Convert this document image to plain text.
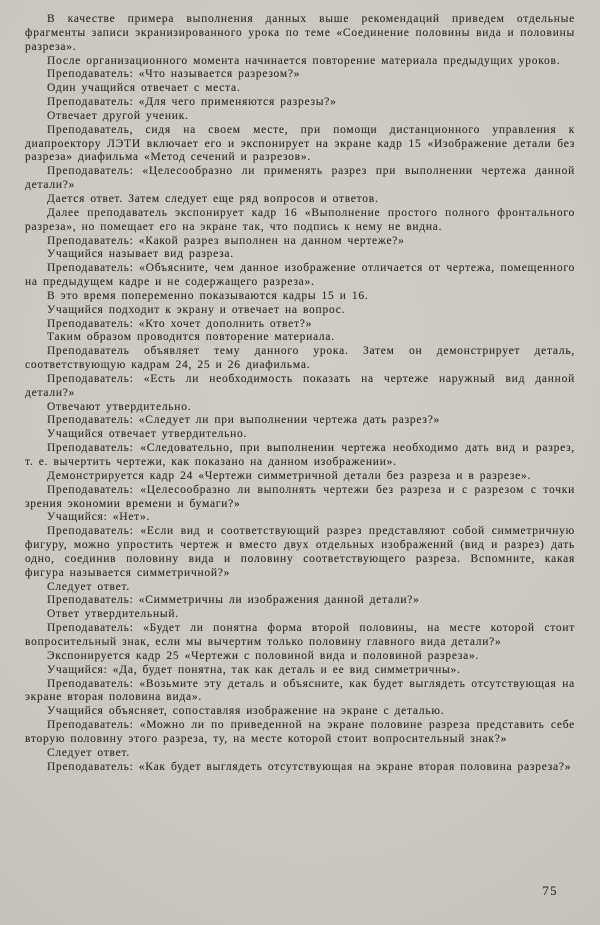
В качестве примера выполнения данных выше рекомендаций приведем отдельные фрагменты записи экранизированного урока по теме «Соединение половины вида и половины разреза».

После организационного момента начинается повторение материала предыдущих уроков.

Преподаватель: «Что называется разрезом?»

Один учащийся отвечает с места.

Преподаватель: «Для чего применяются разрезы?»

Отвечает другой ученик.

Преподаватель, сидя на своем месте, при помощи дистанционного управления к диапроектору ЛЭТИ включает его и экспонирует на экране кадр 15 «Изображение детали без разреза» диафильма «Метод сечений и разрезов».

Преподаватель: «Целесообразно ли применять разрез при выполнении чертежа данной детали?»

Дается ответ. Затем следует еще ряд вопросов и ответов.

Далее преподаватель экспонирует кадр 16 «Выполнение простого полного фронтального разреза», но помещает его на экране так, что подпись к нему не видна.

Преподаватель: «Какой разрез выполнен на данном чертеже?»

Учащийся называет вид разреза.

Преподаватель: «Объясните, чем данное изображение отличается от чертежа, помещенного на предыдущем кадре и не содержащего разреза».

В это время попеременно показываются кадры 15 и 16.

Учащийся подходит к экрану и отвечает на вопрос.

Преподаватель: «Кто хочет дополнить ответ?»

Таким образом проводится повторение материала.

Преподаватель объявляет тему данного урока. Затем он демонстрирует деталь, соответствующую кадрам 24, 25 и 26 диафильма.

Преподаватель: «Есть ли необходимость показать на чертеже наружный вид данной детали?»

Отвечают утвердительно.

Преподаватель: «Следует ли при выполнении чертежа дать разрез?»

Учащийся отвечает утвердительно.

Преподаватель: «Следовательно, при выполнении чертежа необходимо дать вид и разрез, т. е. вычертить чертежи, как показано на данном изображении».

Демонстрируется кадр 24 «Чертежи симметричной детали без разреза и в разрезе».

Преподаватель: «Целесообразно ли выполнять чертежи без разреза и с разрезом с точки зрения экономии времени и бумаги?»

Учащийся: «Нет».

Преподаватель: «Если вид и соответствующий разрез представляют собой симметричную фигуру, можно упростить чертеж и вместо двух отдельных изображений (вид и разрез) дать одно, соединив половину вида и половину соответствующего разреза. Вспомните, какая фигура называется симметричной?»

Следует ответ.

Преподаватель: «Симметричны ли изображения данной детали?»

Ответ утвердительный.

Преподаватель: «Будет ли понятна форма второй половины, на месте которой стоит вопросительный знак, если мы вычертим только половину главного вида детали?»

Экспонируется кадр 25 «Чертежи с половиной вида и половиной разреза».

Учащийся: «Да, будет понятна, так как деталь и ее вид симметричны».

Преподаватель: «Возьмите эту деталь и объясните, как будет выглядеть отсутствующая на экране вторая половина вида».

Учащийся объясняет, сопоставляя изображение на экране с деталью.

Преподаватель: «Можно ли по приведенной на экране половине разреза представить себе вторую половину этого разреза, ту, на месте которой стоит вопросительный знак?»

Следует ответ.

Преподаватель: «Как будет выглядеть отсутствующая на экране вторая половина разреза?»

75
